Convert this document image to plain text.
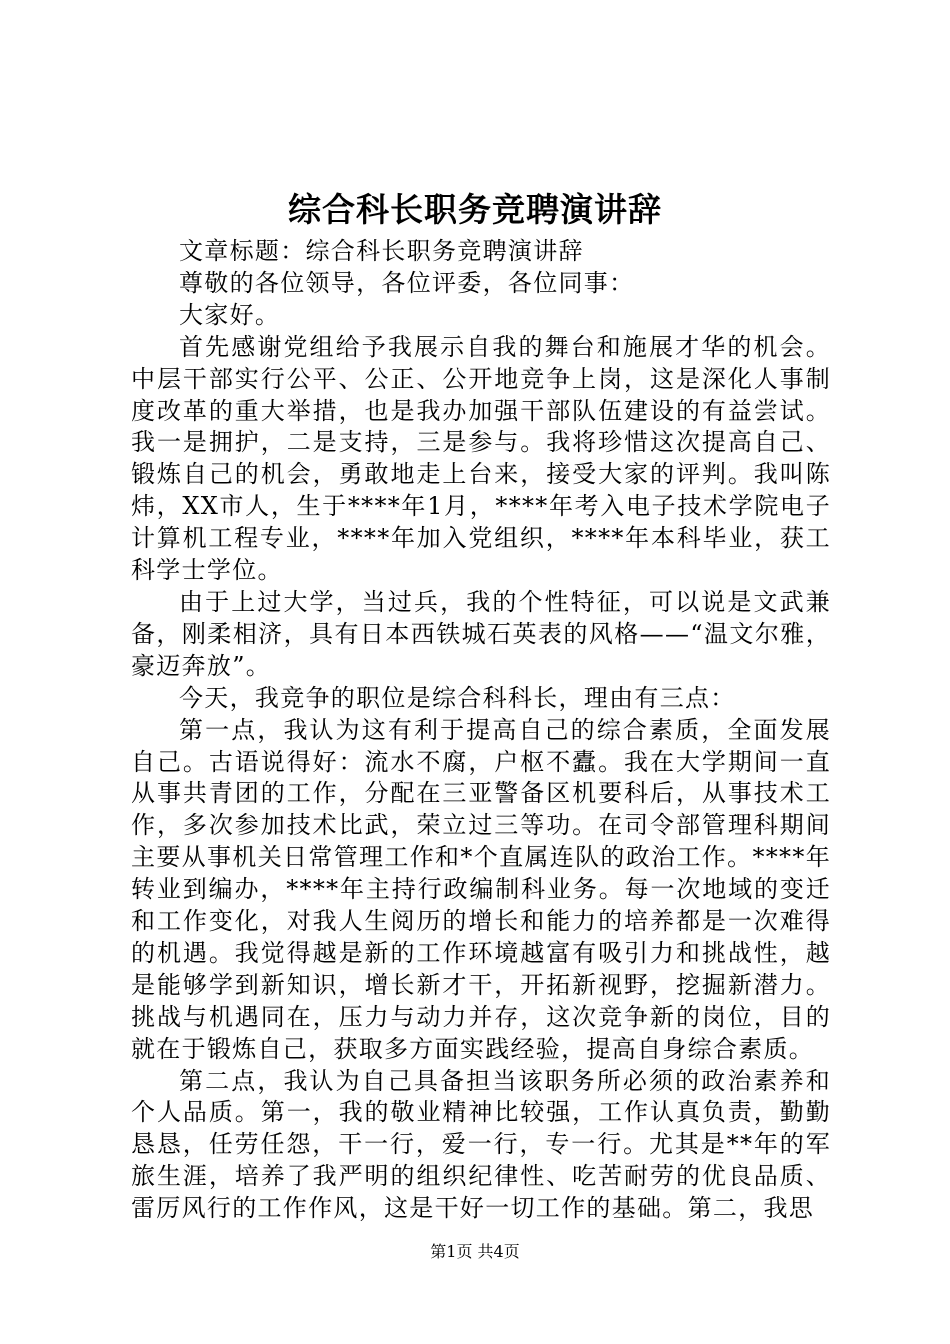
综合科长职务竞聘演讲辞

文章标题：综合科长职务竞聘演讲辞

尊敬的各位领导，各位评委，各位同事：

大家好。

首先感谢党组给予我展示自我的舞台和施展才华的机会。中层干部实行公平、公正、公开地竞争上岗，这是深化人事制度改革的重大举措，也是我办加强干部队伍建设的有益尝试。我一是拥护，二是支持，三是参与。我将珍惜这次提高自己、锻炼自己的机会，勇敢地走上台来，接受大家的评判。我叫陈炜，XX市人，生于****年1月，****年考入电子技术学院电子计算机工程专业，****年加入党组织，****年本科毕业，获工科学士学位。

由于上过大学，当过兵，我的个性特征，可以说是文武兼备，刚柔相济，具有日本西铁城石英表的风格——“温文尔雅，豪迈奔放”。

今天，我竞争的职位是综合科科长，理由有三点：

第一点，我认为这有利于提高自己的综合素质，全面发展自己。古语说得好：流水不腐，户枢不蠹。我在大学期间一直从事共青团的工作，分配在三亚警备区机要科后，从事技术工作，多次参加技术比武，荣立过三等功。在司令部管理科期间主要从事机关日常管理工作和*个直属连队的政治工作。****年转业到编办，****年主持行政编制科业务。每一次地域的变迁和工作变化，对我人生阅历的增长和能力的培养都是一次难得的机遇。我觉得越是新的工作环境越富有吸引力和挑战性，越是能够学到新知识，增长新才干，开拓新视野，挖掘新潜力。挑战与机遇同在，压力与动力并存，这次竞争新的岗位，目的就在于锻炼自己，获取多方面实践经验，提高自身综合素质。

第二点，我认为自己具备担当该职务所必须的政治素养和个人品质。第一，我的敬业精神比较强，工作认真负责，勤勤恳恳，任劳任怨，干一行，爱一行，专一行。尤其是**年的军旅生涯，培养了我严明的组织纪律性、吃苦耐劳的优良品质、雷厉风行的工作作风，这是干好一切工作的基础。第二，我思

第1页 共4页
